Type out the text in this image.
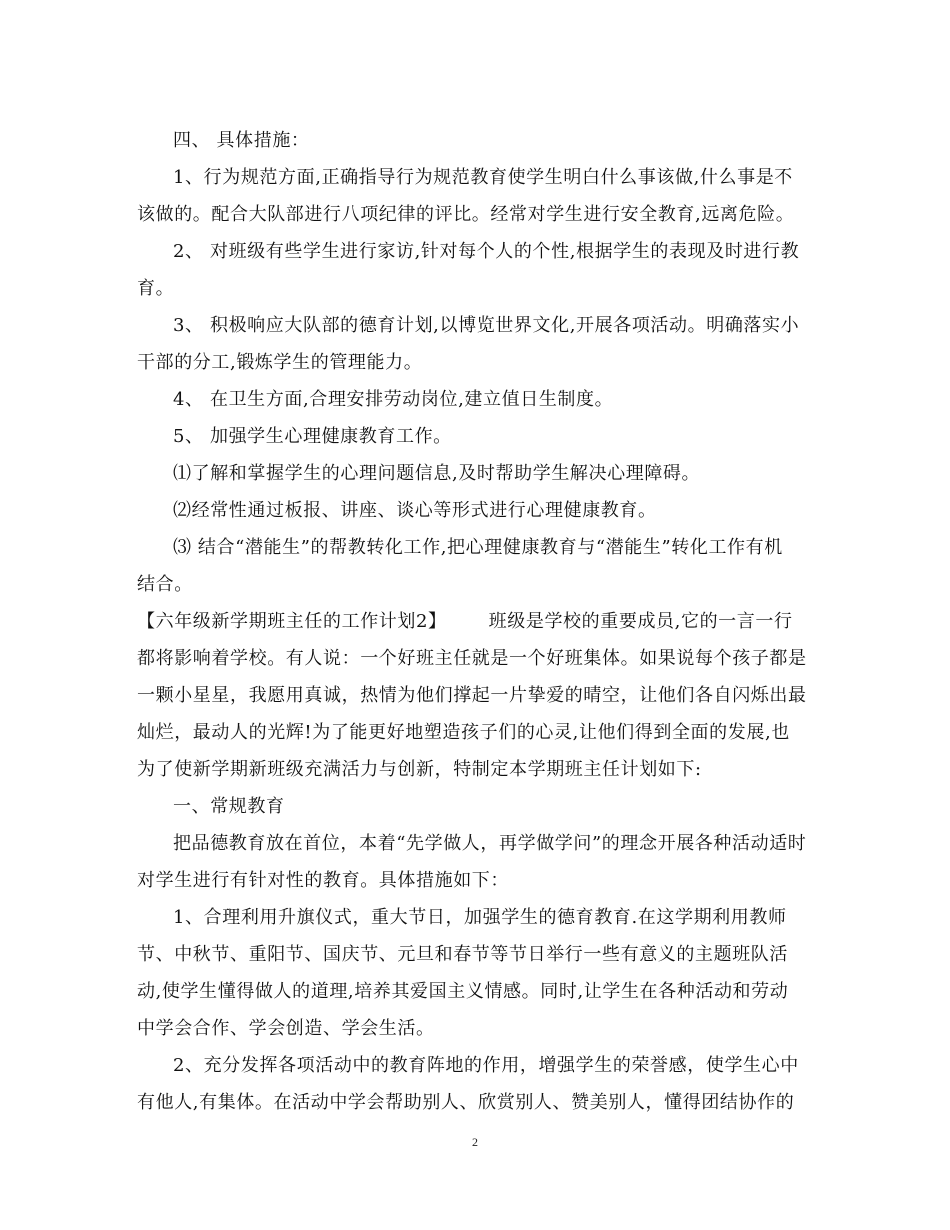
四、 具体措施：
1、行为规范方面,正确指导行为规范教育使学生明白什么事该做,什么事是不
该做的。配合大队部进行八项纪律的评比。经常对学生进行安全教育,远离危险。
2、 对班级有些学生进行家访,针对每个人的个性,根据学生的表现及时进行教
育。
3、 积极响应大队部的德育计划,以博览世界文化,开展各项活动。明确落实小
干部的分工,锻炼学生的管理能力。
4、 在卫生方面,合理安排劳动岗位,建立值日生制度。
5、 加强学生心理健康教育工作。
⑴了解和掌握学生的心理问题信息,及时帮助学生解决心理障碍。
⑵经常性通过板报、讲座、谈心等形式进行心理健康教育。
⑶ 结合“潜能生”的帮教转化工作,把心理健康教育与“潜能生”转化工作有机
结合。
【六年级新学期班主任的工作计划2】 班级是学校的重要成员,它的一言一行
都将影响着学校。有人说：一个好班主任就是一个好班集体。如果说每个孩子都是
一颗小星星，我愿用真诚，热情为他们撑起一片挚爱的晴空，让他们各自闪烁出最
灿烂，最动人的光辉!为了能更好地塑造孩子们的心灵,让他们得到全面的发展,也
为了使新学期新班级充满活力与创新，特制定本学期班主任计划如下:
一、常规教育
把品德教育放在首位，本着“先学做人，再学做学问”的理念开展各种活动适时
对学生进行有针对性的教育。具体措施如下：
1、合理利用升旗仪式，重大节日，加强学生的德育教育.在这学期利用教师
节、中秋节、重阳节、国庆节、元旦和春节等节日举行一些有意义的主题班队活
动,使学生懂得做人的道理,培养其爱国主义情感。同时,让学生在各种活动和劳动
中学会合作、学会创造、学会生活。
2、充分发挥各项活动中的教育阵地的作用，增强学生的荣誉感，使学生心中
有他人,有集体。在活动中学会帮助别人、欣赏别人、赞美别人，懂得团结协作的
2
